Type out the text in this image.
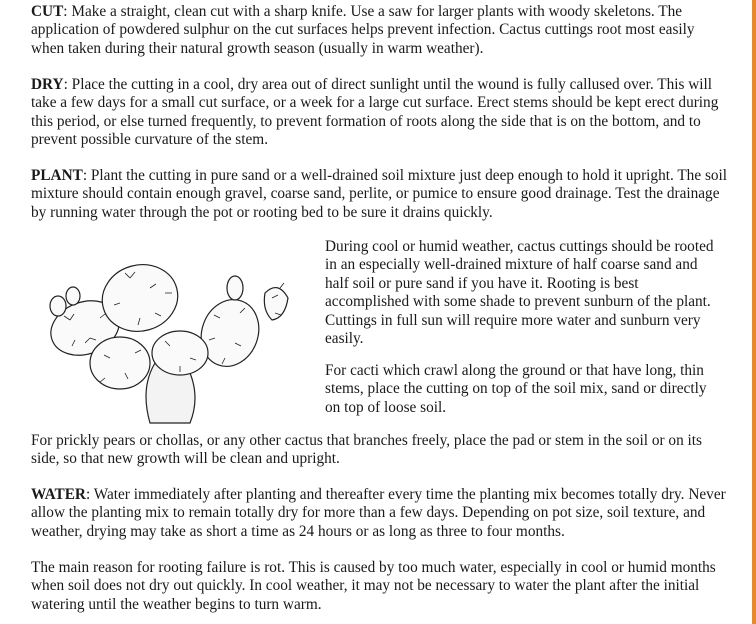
CUT: Make a straight, clean cut with a sharp knife. Use a saw for larger plants with woody skeletons. The application of powdered sulphur on the cut surfaces helps prevent infection. Cactus cuttings root most easily when taken during their natural growth season (usually in warm weather).

DRY: Place the cutting in a cool, dry area out of direct sunlight until the wound is fully callused over. This will take a few days for a small cut surface, or a week for a large cut surface. Erect stems should be kept erect during this period, or else turned frequently, to prevent formation of roots along the side that is on the bottom, and to prevent possible curvature of the stem.

PLANT: Plant the cutting in pure sand or a well-drained soil mixture just deep enough to hold it upright. The soil mixture should contain enough gravel, coarse sand, perlite, or pumice to ensure good drainage. Test the drainage by running water through the pot or rooting bed to be sure it drains quickly.

During cool or humid weather, cactus cuttings should be rooted in an especially well-drained mixture of half coarse sand and half soil or pure sand if you have it. Rooting is best accomplished with some shade to prevent sunburn of the plant. Cuttings in full sun will require more water and sunburn very easily.

For cacti which crawl along the ground or that have long, thin stems, place the cutting on top of the soil mix, sand or directly on top of loose soil.

For prickly pears or chollas, or any other cactus that branches freely, place the pad or stem in the soil or on its side, so that new growth will be clean and upright.

WATER: Water immediately after planting and thereafter every time the planting mix becomes totally dry. Never allow the planting mix to remain totally dry for more than a few days. Depending on pot size, soil texture, and weather, drying may take as short a time as 24 hours or as long as three to four months.

The main reason for rooting failure is rot. This is caused by too much water, especially in cool or humid months when soil does not dry out quickly. In cool weather, it may not be necessary to water the plant after the initial watering until the weather begins to turn warm.
